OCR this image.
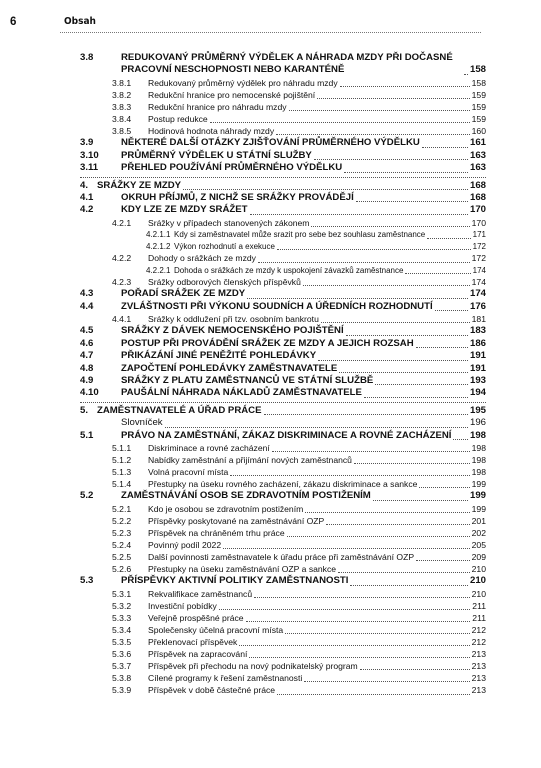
6	Obsah
3.8	REDUKOVANÝ PRŮMĚRNÝ VÝDĚLEK A NÁHRADA MZDY PŘI DOČASNÉ PRACOVNÍ NESCHOPNOSTI NEBO KARANTÉNĚ	158
3.8.1 Redukovaný průměrný výdělek pro náhradu mzdy	158
3.8.2 Redukční hranice pro nemocenské pojištění	159
3.8.3 Redukční hranice pro náhradu mzdy	159
3.8.4 Postup redukce	159
3.8.5 Hodinová hodnota náhrady mzdy	160
3.9	NĚKTERÉ DALŠÍ OTÁZKY ZJIŠŤOVÁNÍ PRŮMĚRNÉHO VÝDĚLKU	161
3.10 PRŮMĚRNÝ VÝDĚLEK U STÁTNÍ SLUŽBY	163
3.11 PŘEHLED POUŽÍVÁNÍ PRŮMĚRNÉHO VÝDĚLKU	163
4. SRÁŽKY ZE MZDY	168
4.1	OKRUH PŘÍJMŮ, Z NICHŽ SE SRÁŽKY PROVÁDĚJÍ	168
4.2	KDY LZE ZE MZDY SRÁŽET	170
4.2.1 Srážky v případech stanovených zákonem	170
4.2.1.1 Kdy si zaměstnavatel může srazit pro sebe bez souhlasu zaměstnance	171
4.2.1.2 Výkon rozhodnutí a exekuce	172
4.2.2 Dohody o srážkách ze mzdy	172
4.2.2.1 Dohoda o srážkách ze mzdy k uspokojení závazků zaměstnance	174
4.2.3 Srážky odborových členských příspěvků	174
4.3	POŘADÍ SRÁŽEK ZE MZDY	174
4.4	ZVLÁŠTNOSTI PŘI VÝKONU SOUDNÍCH A ÚŘEDNÍCH ROZHODNUTÍ	176
4.4.1 Srážky k oddlužení při tzv. osobním bankrotu	181
4.5	SRÁŽKY Z DÁVEK NEMOCENSKÉHO POJIŠTĚNÍ	183
4.6	POSTUP PŘI PROVÁDĚNÍ SRÁŽEK ZE MZDY A JEJICH ROZSAH	186
4.7	PŘIKÁZÁNÍ JINÉ PENĚŽITÉ POHLEDÁVKY	191
4.8	ZAPOČTENÍ POHLEDÁVKY ZAMĚSTNAVATELE	191
4.9	SRÁŽKY Z PLATU ZAMĚSTNANCŮ VE STÁTNÍ SLUŽBĚ	193
4.10 PAUŠÁLNÍ NÁHRADA NÁKLADŮ ZAMĚSTNAVATELE	194
5. ZAMĚSTNAVATELÉ A ÚŘAD PRÁCE	195
Slovníček	196
5.1	PRÁVO NA ZAMĚSTNÁNÍ, ZÁKAZ DISKRIMINACE A ROVNÉ ZACHÁZENÍ 198
5.1.1 Diskriminace a rovné zacházení	198
5.1.2 Nabídky zaměstnání a přijímání nových zaměstnanců	198
5.1.3 Volná pracovní místa	198
5.1.4 Přestupky na úseku rovného zacházení, zákazu diskriminace a sankce	199
5.2	ZAMĚSTNÁVÁNÍ OSOB SE ZDRAVOTNÍM POSTIŽENÍM	199
5.2.1 Kdo je osobou se zdravotním postižením	199
5.2.2 Příspěvky poskytované na zaměstnávání OZP	201
5.2.3 Příspěvek na chráněném trhu práce	202
5.2.4 Povinný podíl 2022	205
5.2.5 Další povinnosti zaměstnavatele k úřadu práce při zaměstnávání OZP	209
5.2.6 Přestupky na úseku zaměstnávání OZP a sankce	210
5.3	PŘÍSPĚVKY AKTIVNÍ POLITIKY ZAMĚSTNANOSTI	210
5.3.1 Rekvalifikace zaměstnanců	210
5.3.2 Investiční pobídky	211
5.3.3 Veřejně prospěšné práce	211
5.3.4 Společensky účelná pracovní místa	212
5.3.5 Překlenovací příspěvek	212
5.3.6 Příspěvek na zapracování	213
5.3.7 Příspěvek při přechodu na nový podnikatelský program	213
5.3.8 Cílené programy k řešení zaměstnanosti	213
5.3.9 Příspěvek v době částečné práce	213
